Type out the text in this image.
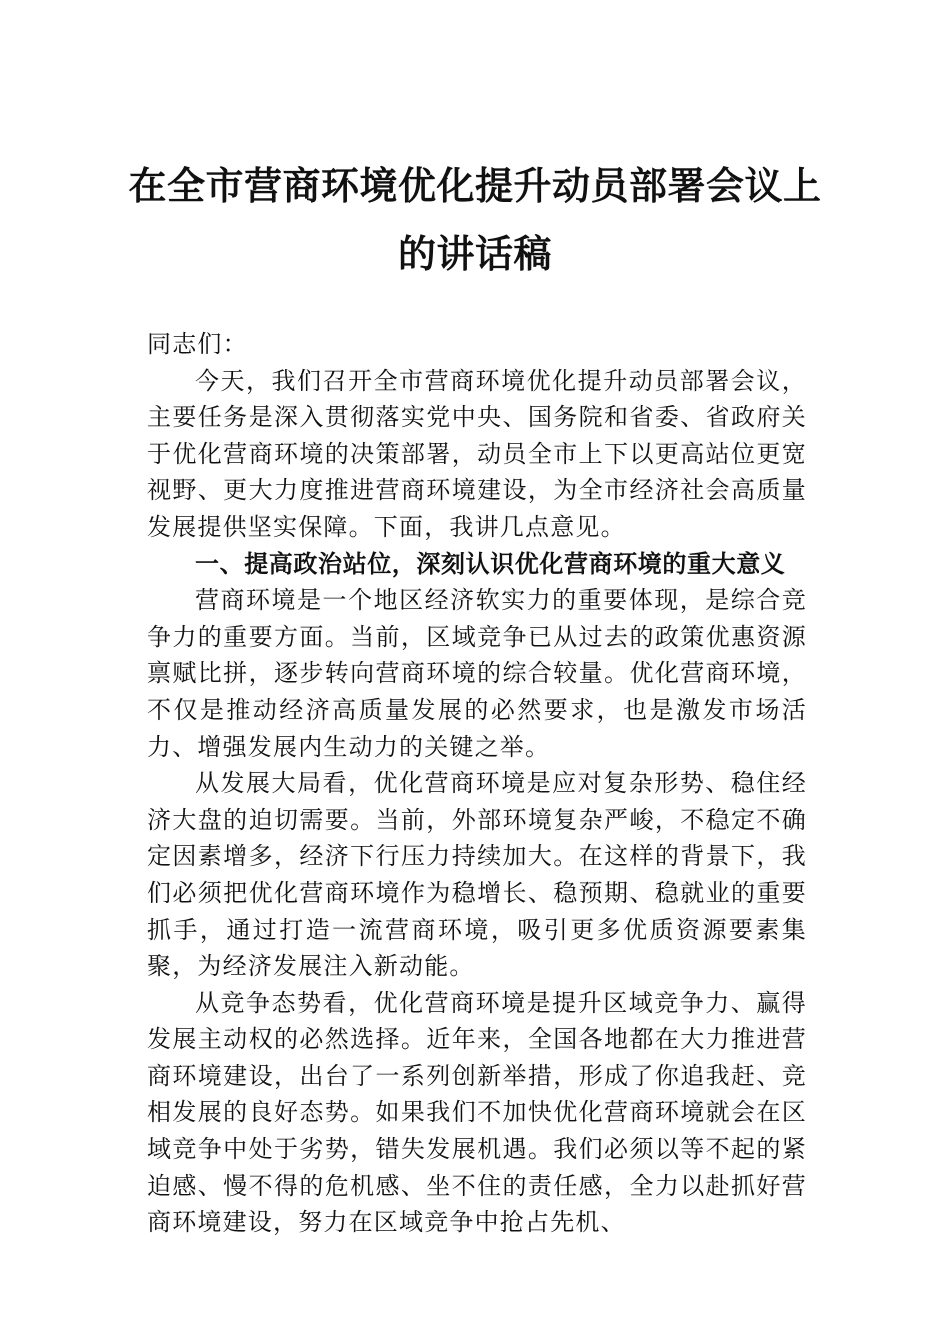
在全市营商环境优化提升动员部署会议上
的讲话稿

同志们：

今天，我们召开全市营商环境优化提升动员部署会议，主要任务是深入贯彻落实党中央、国务院和省委、省政府关于优化营商环境的决策部署，动员全市上下以更高站位更宽视野、更大力度推进营商环境建设，为全市经济社会高质量发展提供坚实保障。下面，我讲几点意见。

一、提高政治站位，深刻认识优化营商环境的重大意义

营商环境是一个地区经济软实力的重要体现，是综合竞争力的重要方面。当前，区域竞争已从过去的政策优惠资源禀赋比拼，逐步转向营商环境的综合较量。优化营商环境，不仅是推动经济高质量发展的必然要求，也是激发市场活力、增强发展内生动力的关键之举。

从发展大局看，优化营商环境是应对复杂形势、稳住经济大盘的迫切需要。当前，外部环境复杂严峻，不稳定不确定因素增多，经济下行压力持续加大。在这样的背景下，我们必须把优化营商环境作为稳增长、稳预期、稳就业的重要抓手，通过打造一流营商环境，吸引更多优质资源要素集聚，为经济发展注入新动能。

从竞争态势看，优化营商环境是提升区域竞争力、赢得发展主动权的必然选择。近年来，全国各地都在大力推进营商环境建设，出台了一系列创新举措，形成了你追我赶、竞相发展的良好态势。如果我们不加快优化营商环境就会在区域竞争中处于劣势，错失发展机遇。我们必须以等不起的紧迫感、慢不得的危机感、坐不住的责任感，全力以赴抓好营商环境建设，努力在区域竞争中抢占先机、
